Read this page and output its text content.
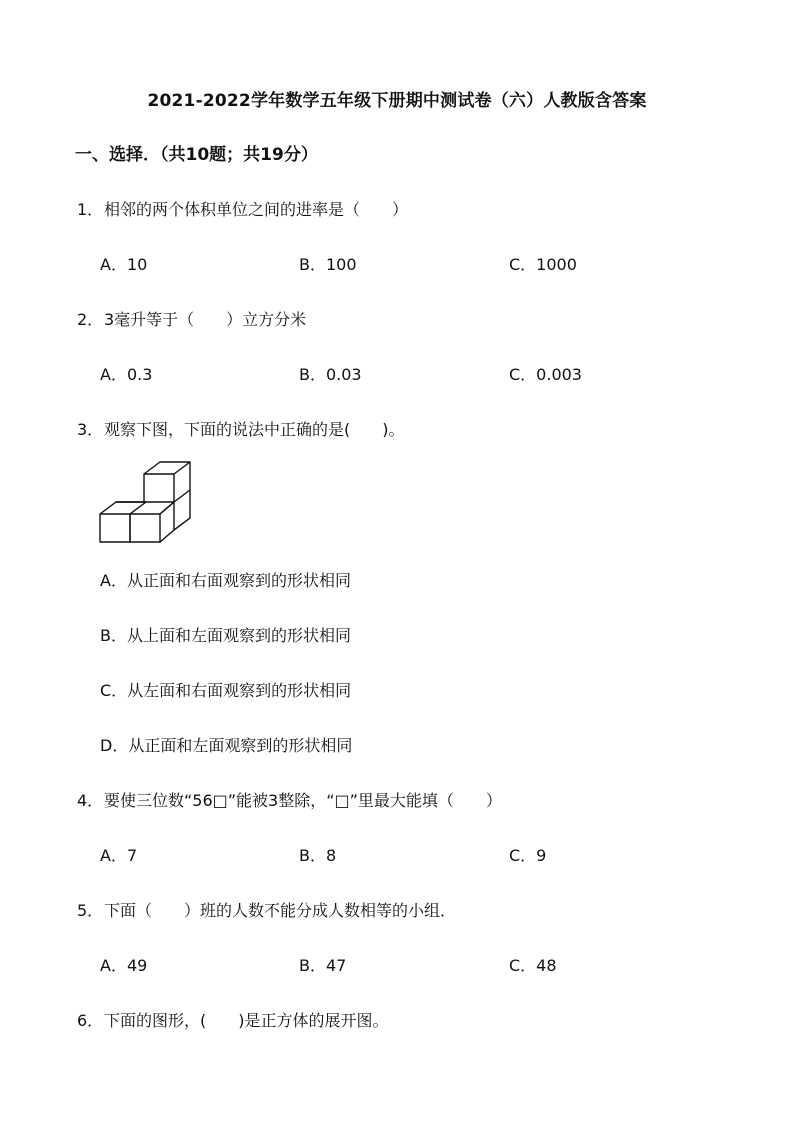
2021-2022学年数学五年级下册期中测试卷（六）人教版含答案
一、选择．（共10题；共19分）
1．相邻的两个体积单位之间的进率是（　　）
A．10	B．100	C．1000
2．3毫升等于（　　）立方分米
A．0.3	B．0.03	C．0.003
3．观察下图，下面的说法中正确的是(　　)。
A．从正面和右面观察到的形状相同
B．从上面和左面观察到的形状相同
C．从左面和右面观察到的形状相同
D．从正面和左面观察到的形状相同
4．要使三位数“56□”能被3整除，“□”里最大能填（　　）
A．7	B．8	C．9
5．下面（　　）班的人数不能分成人数相等的小组．
A．49	B．47	C．48
6．下面的图形，(　　)是正方体的展开图。
